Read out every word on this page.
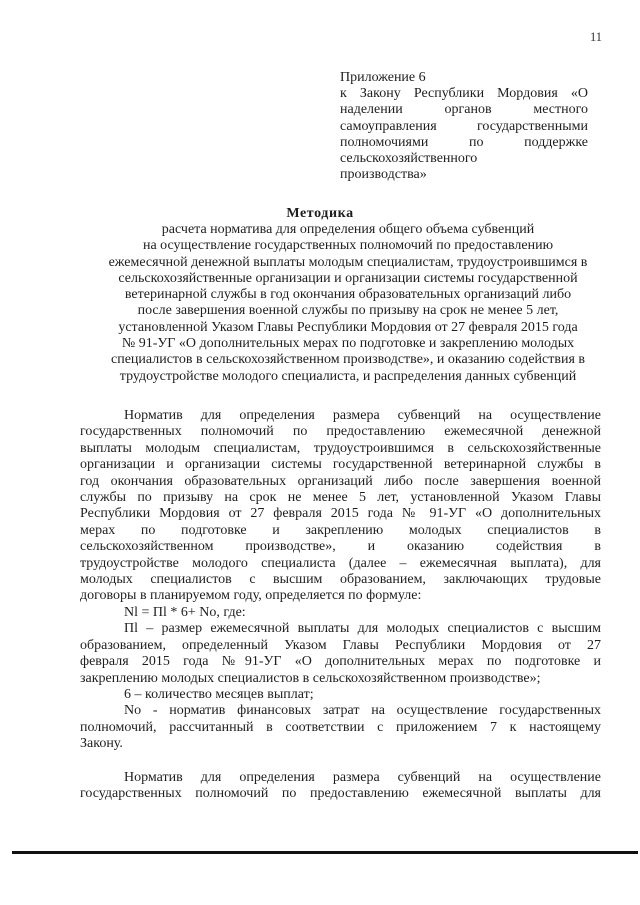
11
Приложение 6
к Закону Республики Мордовия «О
наделении органов местного
самоуправления государственными
полномочиями по поддержке
сельскохозяйственного
производства»
Методика
расчета норматива для определения общего объема субвенций
на осуществление государственных полномочий по предоставлению
ежемесячной денежной выплаты молодым специалистам, трудоустроившимся в
сельскохозяйственные организации и организации системы государственной
ветеринарной службы в год окончания образовательных организаций либо
после завершения военной службы по призыву на срок не менее 5 лет,
установленной Указом Главы Республики Мордовия от 27 февраля 2015 года
№ 91-УГ «О дополнительных мерах по подготовке и закреплению молодых
специалистов в сельскохозяйственном производстве», и оказанию содействия в
трудоустройстве молодого специалиста, и распределения данных субвенций
Норматив для определения размера субвенций на осуществление
государственных полномочий по предоставлению ежемесячной денежной
выплаты молодым специалистам, трудоустроившимся в сельскохозяйственные
организации и организации системы государственной ветеринарной службы в
год окончания образовательных организаций либо после завершения военной
службы по призыву на срок не менее 5 лет, установленной Указом Главы
Республики Мордовия от 27 февраля 2015 года № 91-УГ «О дополнительных
мерах по подготовке и закреплению молодых специалистов в
сельскохозяйственном производстве», и оказанию содействия в
трудоустройстве молодого специалиста (далее – ежемесячная выплата), для
молодых специалистов с высшим образованием, заключающих трудовые
договоры в планируемом году, определяется по формуле:
Nl = Пl * 6+ Nо, где:
Пl – размер ежемесячной выплаты для молодых специалистов с высшим
образованием, определенный Указом Главы Республики Мордовия от 27
февраля 2015 года №91-УГ «О дополнительных мерах по подготовке и
закреплению молодых специалистов в сельскохозяйственном производстве»;
6 – количество месяцев выплат;
Nо - норматив финансовых затрат на осуществление государственных
полномочий, рассчитанный в соответствии с приложением 7 к настоящему
Закону.
Норматив для определения размера субвенций на осуществление
государственных полномочий по предоставлению ежемесячной выплаты для
